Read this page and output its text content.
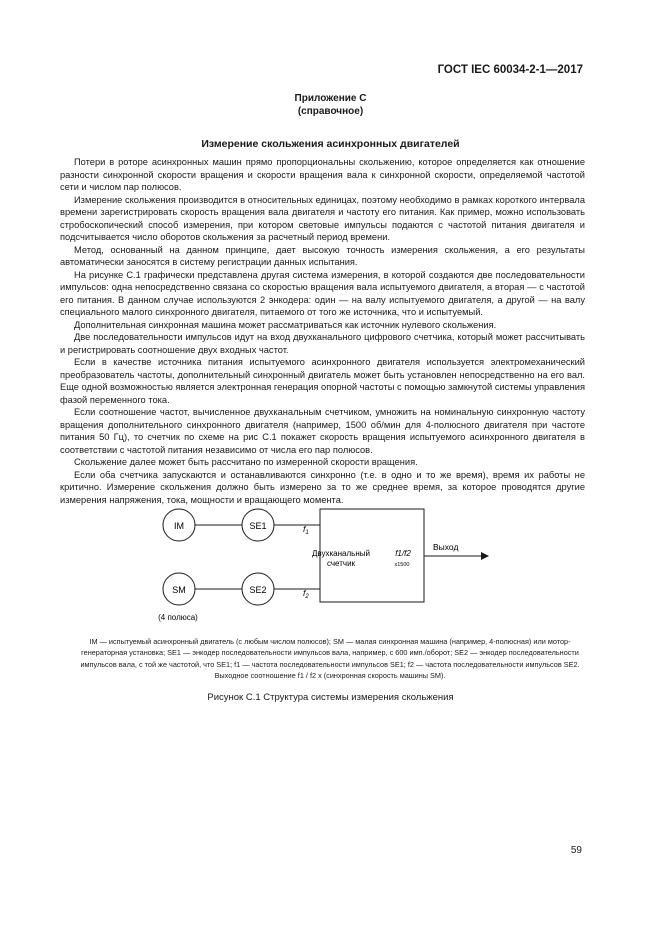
ГОСТ IEC 60034-2-1—2017
Приложение С
(справочное)
Измерение скольжения асинхронных двигателей

Потери в роторе асинхронных машин прямо пропорциональны скольжению, которое определяется как отношение разности синхронной скорости вращения и скорости вращения вала к синхронной скорости, определяемой частотой сети и числом пар полюсов.

Измерение скольжения производится в относительных единицах, поэтому необходимо в рамках короткого интервала времени зарегистрировать скорость вращения вала двигателя и частоту его питания. Как пример, можно использовать стробоскопический способ измерения, при котором световые импульсы подаются с частотой питания двигателя и подсчитывается число оборотов скольжения за расчетный период времени.

Метод, основанный на данном принципе, дает высокую точность измерения скольжения, а его результаты автоматически заносятся в систему регистрации данных испытания.

На рисунке С.1 графически представлена другая система измерения, в которой создаются две последовательности импульсов: одна непосредственно связана со скоростью вращения вала испытуемого двигателя, а вторая — с частотой его питания. В данном случае используются 2 энкодера: один — на валу испытуемого двигателя, а другой — на валу специального малого синхронного двигателя, питаемого от того же источника, что и испытуемый.

Дополнительная синхронная машина может рассматриваться как источник нулевого скольжения.

Две последовательности импульсов идут на вход двухканального цифрового счетчика, который может рассчитывать и регистрировать соотношение двух входных частот.

Если в качестве источника питания испытуемого асинхронного двигателя используется электромеханический преобразователь частоты, дополнительный синхронный двигатель может быть установлен непосредственно на его вал. Еще одной возможностью является электронная генерация опорной частоты с помощью замкнутой системы управления фазой переменного тока.

Если соотношение частот, вычисленное двухканальным счетчиком, умножить на номинальную синхронную частоту вращения дополнительного синхронного двигателя (например, 1500 об/мин для 4-полюсного двигателя при частоте питания 50 Гц), то счетчик по схеме на рис С.1 покажет скорость вращения испытуемого асинхронного двигателя в соответствии с частотой питания независимо от числа его пар полюсов.

Скольжение далее может быть рассчитано по измеренной скорости вращения.

Если оба счетчика запускаются и останавливаются синхронно (т.е. в одно и то же время), время их работы не критично. Измерение скольжения должно быть измерено за то же среднее время, за которое проводятся другие измерения напряжения, тока, мощности и вращающего момента.

IM
SM
SE1
SE2
$f_1$
$f_2$
Двухканальный
счетчик
f1/f2
x1500
Выход
(4 полюса)
IM — испытуемый асинхронный двигатель (с любым числом полюсов); SM — малая синхронная машина (например, 4-полюсная) или мотор-генераторная установка; SE1 — энкодер последовательности импульсов вала, например, с 600 имп./оборот; SE2 — энкодер последовательности импульсов вала, с той же частотой, что SE1; f1 — частота последовательности импульсов SE1; f2 — частота последовательности импульсов SE2. Выходное соотношение f1 / f2 x (синхронная скорость машины SM).
Рисунок С.1 Структура системы измерения скольжения
59
